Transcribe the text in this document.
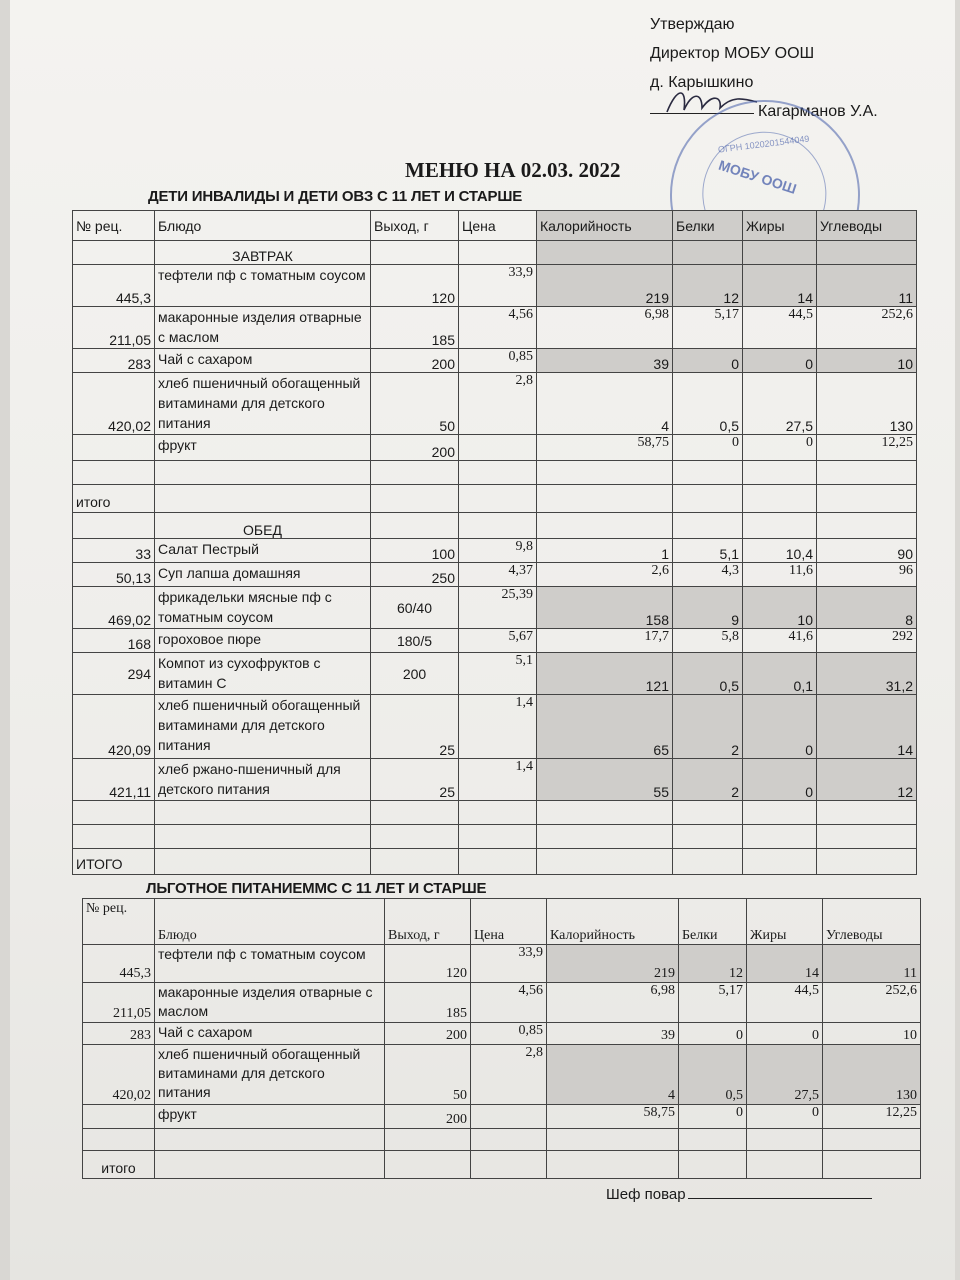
Утверждаю
Директор МОБУ ООШ
д. Карышкино
Кагарманов У.А.
ОГРН 1020201544049
МОБУ ООШ
МЕНЮ НА 02.03. 2022
ДЕТИ ИНВАЛИДЫ И ДЕТИ ОВЗ С 11 ЛЕТ И СТАРШЕ
№ рец.	Блюдо	Выход, г	Цена	Калорийность	Белки	Жиры	Углеводы
	ЗАВТРАК						
445,3	тефтели пф с томатным соусом	120	33,9	219	12	14	11
211,05	макаронные изделия отварные с маслом	185	4,56	6,98	5,17	44,5	252,6
283	Чай с сахаром	200	0,85	39	0	0	10
420,02	хлеб пшеничный обогащенный витаминами для детского питания	50	2,8	4	0,5	27,5	130
	фрукт	200		58,75	0	0	12,25

итого							
	ОБЕД						
33	Салат Пестрый	100	9,8	1	5,1	10,4	90
50,13	Суп лапша домашняя	250	4,37	2,6	4,3	11,6	96
469,02	фрикадельки мясные пф с томатным соусом	60/40	25,39	158	9	10	8
168	гороховое пюре	180/5	5,67	17,7	5,8	41,6	292
294	Компот из сухофруктов с витамин С	200	5,1	121	0,5	0,1	31,2
420,09	хлеб пшеничный обогащенный витаминами для детского питания	25	1,4	65	2	0	14
421,11	хлеб ржано-пшеничный для детского питания	25	1,4	55	2	0	12

ИТОГО							
ЛЬГОТНОЕ ПИТАНИЕММС С 11 ЛЕТ И СТАРШЕ
№ рец.	Блюдо	Выход, г	Цена	Калорийность	Белки	Жиры	Углеводы
445,3	тефтели пф с томатным соусом	120	33,9	219	12	14	11
211,05	макаронные изделия отварные с маслом	185	4,56	6,98	5,17	44,5	252,6
283	Чай с сахаром	200	0,85	39	0	0	10
420,02	хлеб пшеничный обогащенный витаминами для детского питания	50	2,8	4	0,5	27,5	130
	фрукт	200		58,75	0	0	12,25

итого							
Шеф повар
